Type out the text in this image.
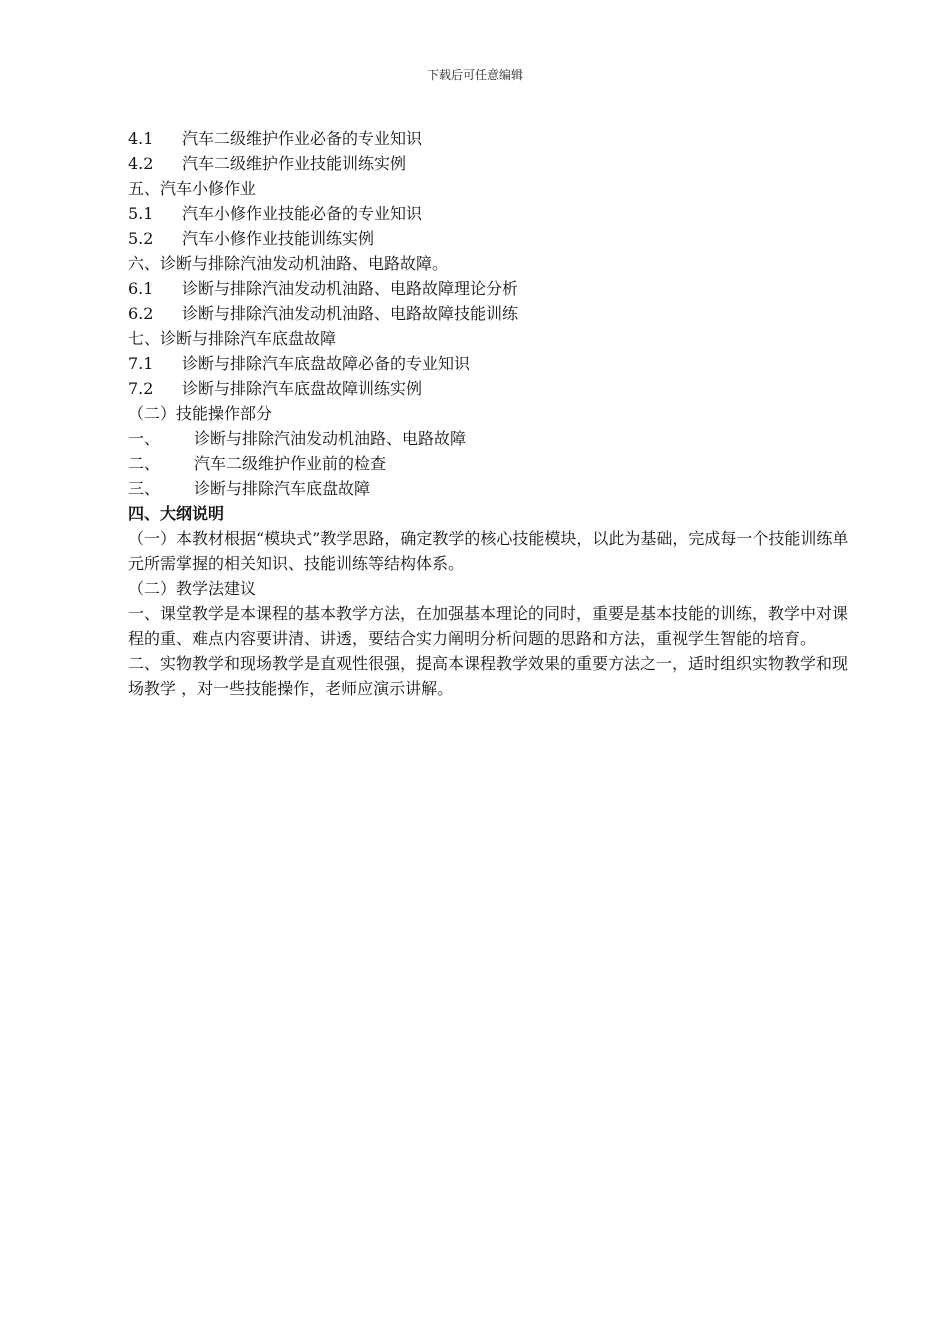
下载后可任意编辑
4.1 汽车二级维护作业必备的专业知识
4.2 汽车二级维护作业技能训练实例
五、汽车小修作业
5.1 汽车小修作业技能必备的专业知识
5.2 汽车小修作业技能训练实例
六、诊断与排除汽油发动机油路、电路故障。
6.1 诊断与排除汽油发动机油路、电路故障理论分析
6.2 诊断与排除汽油发动机油路、电路故障技能训练
七、诊断与排除汽车底盘故障
7.1 诊断与排除汽车底盘故障必备的专业知识
7.2 诊断与排除汽车底盘故障训练实例
（二）技能操作部分
一、 诊断与排除汽油发动机油路、电路故障
二、 汽车二级维护作业前的检查
三、 诊断与排除汽车底盘故障
四、大纲说明
（一）本教材根据“模块式”教学思路，确定教学的核心技能模块，以此为基础，完成每一个技能训练单元所需掌握的相关知识、技能训练等结构体系。
（二）教学法建议
一、课堂教学是本课程的基本教学方法，在加强基本理论的同时，重要是基本技能的训练，教学中对课程的重、难点内容要讲清、讲透，要结合实力阐明分析问题的思路和方法，重视学生智能的培育。
二、实物教学和现场教学是直观性很强，提高本课程教学效果的重要方法之一，适时组织实物教学和现场教学 ，对一些技能操作，老师应演示讲解。
